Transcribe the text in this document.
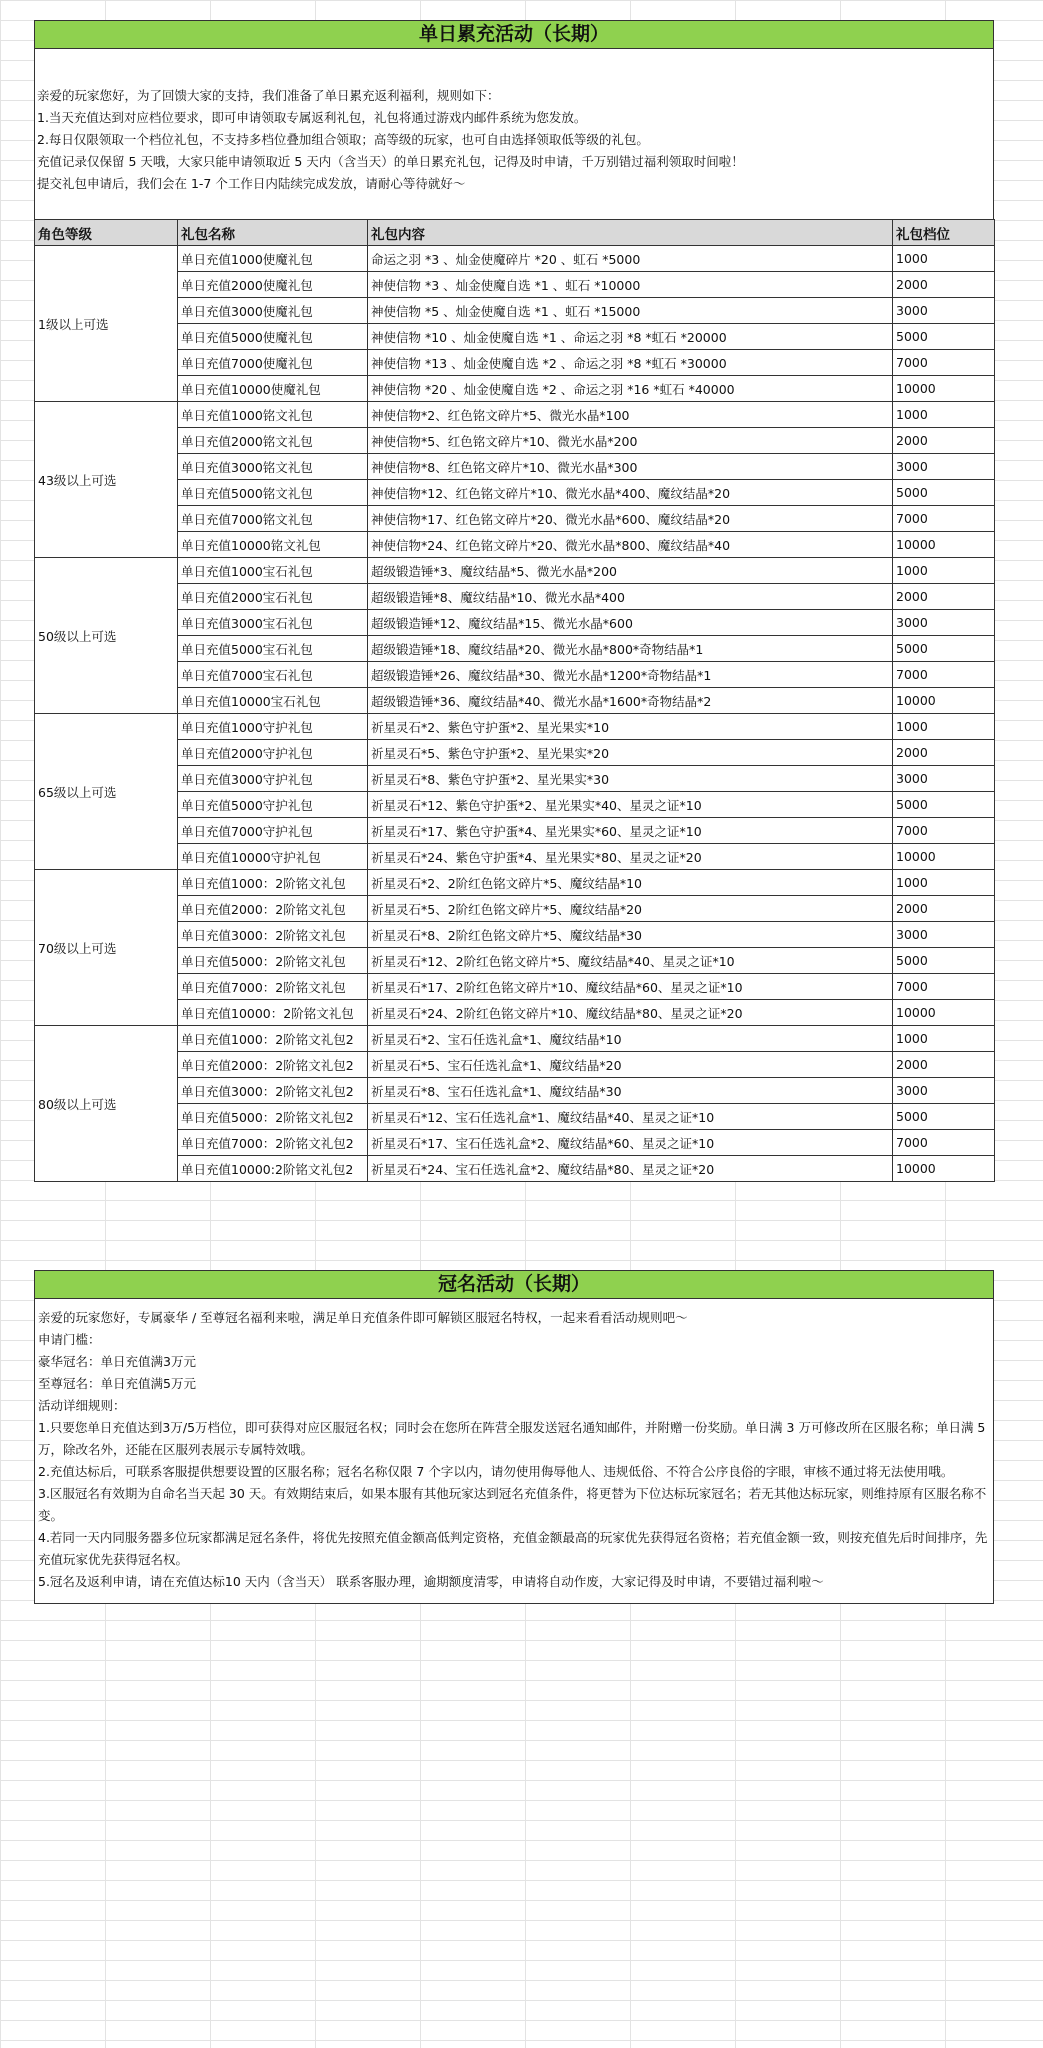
单日累充活动（长期）
亲爱的玩家您好，为了回馈大家的支持，我们准备了单日累充返利福利，规则如下：
1.当天充值达到对应档位要求，即可申请领取专属返利礼包，礼包将通过游戏内邮件系统为您发放。
2.每日仅限领取一个档位礼包，不支持多档位叠加组合领取；高等级的玩家，也可自由选择领取低等级的礼包。
充值记录仅保留 5 天哦，大家只能申请领取近 5 天内（含当天）的单日累充礼包，记得及时申请，千万别错过福利领取时间啦！
提交礼包申请后，我们会在 1-7 个工作日内陆续完成发放，请耐心等待就好～
角色等级	礼包名称	礼包内容	礼包档位
1级以上可选	单日充值1000使魔礼包	命运之羽 *3 、灿金使魔碎片 *20 、虹石 *5000	1000
	单日充值2000使魔礼包	神使信物 *3 、灿金使魔自选 *1 、虹石 *10000	2000
	单日充值3000使魔礼包	神使信物 *5 、灿金使魔自选 *1 、虹石 *15000	3000
	单日充值5000使魔礼包	神使信物 *10 、灿金使魔自选 *1 、命运之羽 *8 *虹石 *20000	5000
	单日充值7000使魔礼包	神使信物 *13 、灿金使魔自选 *2 、命运之羽 *8 *虹石 *30000	7000
	单日充值10000使魔礼包	神使信物 *20 、灿金使魔自选 *2 、命运之羽 *16 *虹石 *40000	10000
43级以上可选	单日充值1000铭文礼包	神使信物*2、红色铭文碎片*5、微光水晶*100	1000
	单日充值2000铭文礼包	神使信物*5、红色铭文碎片*10、微光水晶*200	2000
	单日充值3000铭文礼包	神使信物*8、红色铭文碎片*10、微光水晶*300	3000
	单日充值5000铭文礼包	神使信物*12、红色铭文碎片*10、微光水晶*400、魔纹结晶*20	5000
	单日充值7000铭文礼包	神使信物*17、红色铭文碎片*20、微光水晶*600、魔纹结晶*20	7000
	单日充值10000铭文礼包	神使信物*24、红色铭文碎片*20、微光水晶*800、魔纹结晶*40	10000
50级以上可选	单日充值1000宝石礼包	超级锻造锤*3、魔纹结晶*5、微光水晶*200	1000
	单日充值2000宝石礼包	超级锻造锤*8、魔纹结晶*10、微光水晶*400	2000
	单日充值3000宝石礼包	超级锻造锤*12、魔纹结晶*15、微光水晶*600	3000
	单日充值5000宝石礼包	超级锻造锤*18、魔纹结晶*20、微光水晶*800*奇物结晶*1	5000
	单日充值7000宝石礼包	超级锻造锤*26、魔纹结晶*30、微光水晶*1200*奇物结晶*1	7000
	单日充值10000宝石礼包	超级锻造锤*36、魔纹结晶*40、微光水晶*1600*奇物结晶*2	10000
65级以上可选	单日充值1000守护礼包	祈星灵石*2、紫色守护蛋*2、星光果实*10	1000
	单日充值2000守护礼包	祈星灵石*5、紫色守护蛋*2、星光果实*20	2000
	单日充值3000守护礼包	祈星灵石*8、紫色守护蛋*2、星光果实*30	3000
	单日充值5000守护礼包	祈星灵石*12、紫色守护蛋*2、星光果实*40、星灵之证*10	5000
	单日充值7000守护礼包	祈星灵石*17、紫色守护蛋*4、星光果实*60、星灵之证*10	7000
	单日充值10000守护礼包	祈星灵石*24、紫色守护蛋*4、星光果实*80、星灵之证*20	10000
70级以上可选	单日充值1000：2阶铭文礼包	祈星灵石*2、2阶红色铭文碎片*5、魔纹结晶*10	1000
	单日充值2000：2阶铭文礼包	祈星灵石*5、2阶红色铭文碎片*5、魔纹结晶*20	2000
	单日充值3000：2阶铭文礼包	祈星灵石*8、2阶红色铭文碎片*5、魔纹结晶*30	3000
	单日充值5000：2阶铭文礼包	祈星灵石*12、2阶红色铭文碎片*5、魔纹结晶*40、星灵之证*10	5000
	单日充值7000：2阶铭文礼包	祈星灵石*17、2阶红色铭文碎片*10、魔纹结晶*60、星灵之证*10	7000
	单日充值10000：2阶铭文礼包	祈星灵石*24、2阶红色铭文碎片*10、魔纹结晶*80、星灵之证*20	10000
80级以上可选	单日充值1000：2阶铭文礼包2	祈星灵石*2、宝石任选礼盒*1、魔纹结晶*10	1000
	单日充值2000：2阶铭文礼包2	祈星灵石*5、宝石任选礼盒*1、魔纹结晶*20	2000
	单日充值3000：2阶铭文礼包2	祈星灵石*8、宝石任选礼盒*1、魔纹结晶*30	3000
	单日充值5000：2阶铭文礼包2	祈星灵石*12、宝石任选礼盒*1、魔纹结晶*40、星灵之证*10	5000
	单日充值7000：2阶铭文礼包2	祈星灵石*17、宝石任选礼盒*2、魔纹结晶*60、星灵之证*10	7000
	单日充值10000:2阶铭文礼包2	祈星灵石*24、宝石任选礼盒*2、魔纹结晶*80、星灵之证*20	10000
冠名活动（长期）
亲爱的玩家您好，专属豪华 / 至尊冠名福利来啦，满足单日充值条件即可解锁区服冠名特权，一起来看看活动规则吧～
申请门槛：
豪华冠名：单日充值满3万元
至尊冠名：单日充值满5万元
活动详细规则：
1.只要您单日充值达到3万/5万档位，即可获得对应区服冠名权；同时会在您所在阵营全服发送冠名通知邮件，并附赠一份奖励。单日满 3 万可修改所在区服名称；单日满 5 万，除改名外，还能在区服列表展示专属特效哦。
2.充值达标后，可联系客服提供想要设置的区服名称；冠名名称仅限 7 个字以内，请勿使用侮辱他人、违规低俗、不符合公序良俗的字眼，审核不通过将无法使用哦。
3.区服冠名有效期为自命名当天起 30 天。有效期结束后，如果本服有其他玩家达到冠名充值条件，将更替为下位达标玩家冠名；若无其他达标玩家，则维持原有区服名称不变。
4.若同一天内同服务器多位玩家都满足冠名条件，将优先按照充值金额高低判定资格，充值金额最高的玩家优先获得冠名资格；若充值金额一致，则按充值先后时间排序，先充值玩家优先获得冠名权。
5.冠名及返利申请，请在充值达标10 天内（含当天） 联系客服办理，逾期额度清零，申请将自动作废，大家记得及时申请，不要错过福利啦～
